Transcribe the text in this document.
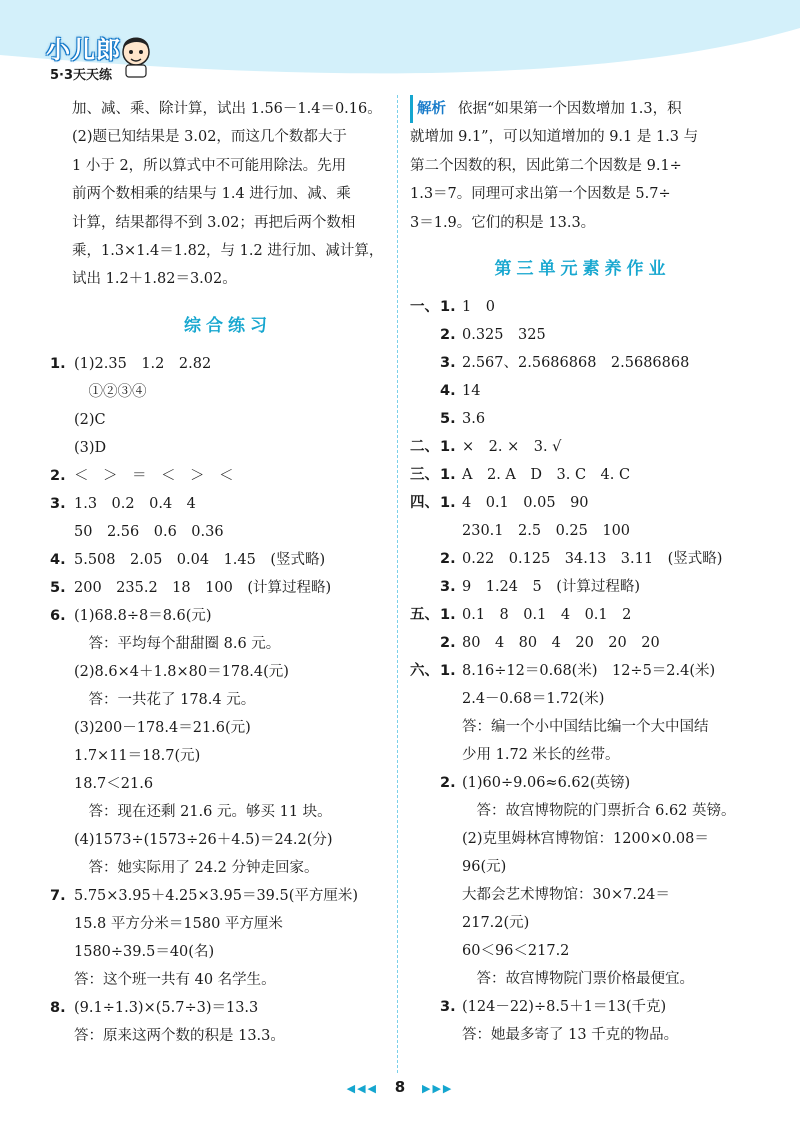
小儿郎
5·3天天练
加、减、乘、除计算，试出 1.56－1.4＝0.16。
(2)题已知结果是 3.02，而这几个数都大于
1 小于 2，所以算式中不可能用除法。先用
前两个数相乘的结果与 1.4 进行加、减、乘
计算，结果都得不到 3.02；再把后两个数相
乘，1.3×1.4＝1.82，与 1.2 进行加、减计算，
试出 1.2＋1.82＝3.02。
综合练习
1. (1)2.35　1.2　2.82
　①②③④
(2)C
(3)D
2. ＜　＞　＝　＜　＞　＜
3. 1.3　0.2　0.4　4
50　2.56　0.6　0.36
4. 5.508　2.05　0.04　1.45　(竖式略)
5. 200　235.2　18　100　(计算过程略)
6. (1)68.8÷8＝8.6(元)
　答：平均每个甜甜圈 8.6 元。
(2)8.6×4＋1.8×80＝178.4(元)
　答：一共花了 178.4 元。
(3)200－178.4＝21.6(元)
1.7×11＝18.7(元)
18.7＜21.6
　答：现在还剩 21.6 元。够买 11 块。
(4)1573÷(1573÷26＋4.5)＝24.2(分)
　答：她实际用了 24.2 分钟走回家。
7. 5.75×3.95＋4.25×3.95＝39.5(平方厘米)
15.8 平方分米＝1580 平方厘米
1580÷39.5＝40(名)
答：这个班一共有 40 名学生。
8. (9.1÷1.3)×(5.7÷3)＝13.3
答：原来这两个数的积是 13.3。
解析 依据“如果第一个因数增加 1.3，积
就增加 9.1”，可以知道增加的 9.1 是 1.3 与
第二个因数的积，因此第二个因数是 9.1÷
1.3＝7。同理可求出第一个因数是 5.7÷
3＝1.9。它们的积是 13.3。
第三单元素养作业
一、 1. 1　0
2. 0.325　325
3. 2.567、2.5686868　2.5686868
4. 14
5. 3.6
二、 1. ×　2. ×　3. √
三、 1. A　2. A　D　3. C　4. C
四、 1. 4　0.1　0.05　90
230.1　2.5　0.25　100
2. 0.22　0.125　34.13　3.11　(竖式略)
3. 9　1.24　5　(计算过程略)
五、 1. 0.1　8　0.1　4　0.1　2
2. 80　4　80　4　20　20　20
六、 1. 8.16÷12＝0.68(米)　12÷5＝2.4(米)
2.4－0.68＝1.72(米)
答：编一个小中国结比编一个大中国结
少用 1.72 米长的丝带。
2. (1)60÷9.06≈6.62(英镑)
　答：故宫博物院的门票折合 6.62 英镑。
(2)克里姆林宫博物馆：1200×0.08＝
96(元)
大都会艺术博物馆：30×7.24＝
217.2(元)
60＜96＜217.2
　答：故宫博物院门票价格最便宜。
3. (124－22)÷8.5＋1＝13(千克)
答：她最多寄了 13 千克的物品。
◀◀◀ 8 ▶▶▶
